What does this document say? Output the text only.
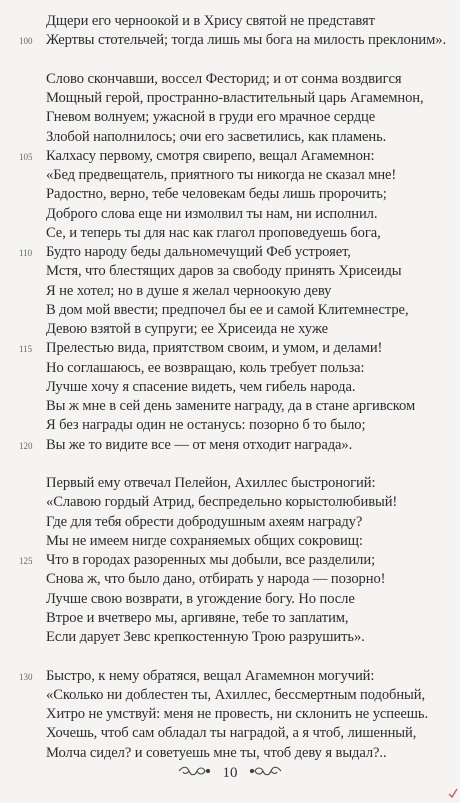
Дщери его черноокой и в Хрису святой не представят
Жертвы стотельчей; тогда лишь мы бога на милость преклоним».
100
Слово скончавши, воссел Фесторид; и от сонма воздвигся
Мощный герой, пространно-властительный царь Агамемнон,
Гневом волнуем; ужасной в груди его мрачное сердце
Злобой наполнилось; очи его засветились, как пламень.
Калхасу первому, смотря свирепо, вещал Агамемнон:
105
«Бед предвещатель, приятного ты никогда не сказал мне!
Радостно, верно, тебе человекам беды лишь пророчить;
Доброго слова еще ни измолвил ты нам, ни исполнил.
Се, и теперь ты для нас как глагол проповедуешь бога,
Будто народу беды дальномечущий Феб устрояет,
110
Мстя, что блестящих даров за свободу принять Хрисеиды
Я не хотел; но в душе я желал черноокую деву
В дом мой ввести; предпочел бы ее и самой Клитемнестре,
Девою взятой в супруги; ее Хрисеида не хуже
Прелестью вида, приятством своим, и умом, и делами!
115
Но соглашаюсь, ее возвращаю, коль требует польза:
Лучше хочу я спасение видеть, чем гибель народа.
Вы ж мне в сей день замените награду, да в стане аргивском
Я без награды один не останусь: позорно б то было;
Вы же то видите все — от меня отходит награда».
120
Первый ему отвечал Пелейон, Ахиллес быстроногий:
«Славою гордый Атрид, беспредельно корыстолюбивый!
Где для тебя обрести добродушным ахеям награду?
Мы не имеем нигде сохраняемых общих сокровищ:
Что в городах разоренных мы добыли, все разделили;
125
Снова ж, что было дано, отбирать у народа — позорно!
Лучше свою возврати, в угождение богу. Но после
Втрое и вчетверо мы, аргивяне, тебе то заплатим,
Если дарует Зевс крепкостенную Трою разрушить».
Быстро, к нему обратяся, вещал Агамемнон могучий:
130
«Сколько ни доблестен ты, Ахиллес, бессмертным подобный,
Хитро не умствуй: меня не провесть, ни склонить не успеешь.
Хочешь, чтоб сам обладал ты наградой, а я чтоб, лишенный,
Молча сидел? и советуешь мне ты, чтоб деву я выдал?..
10
